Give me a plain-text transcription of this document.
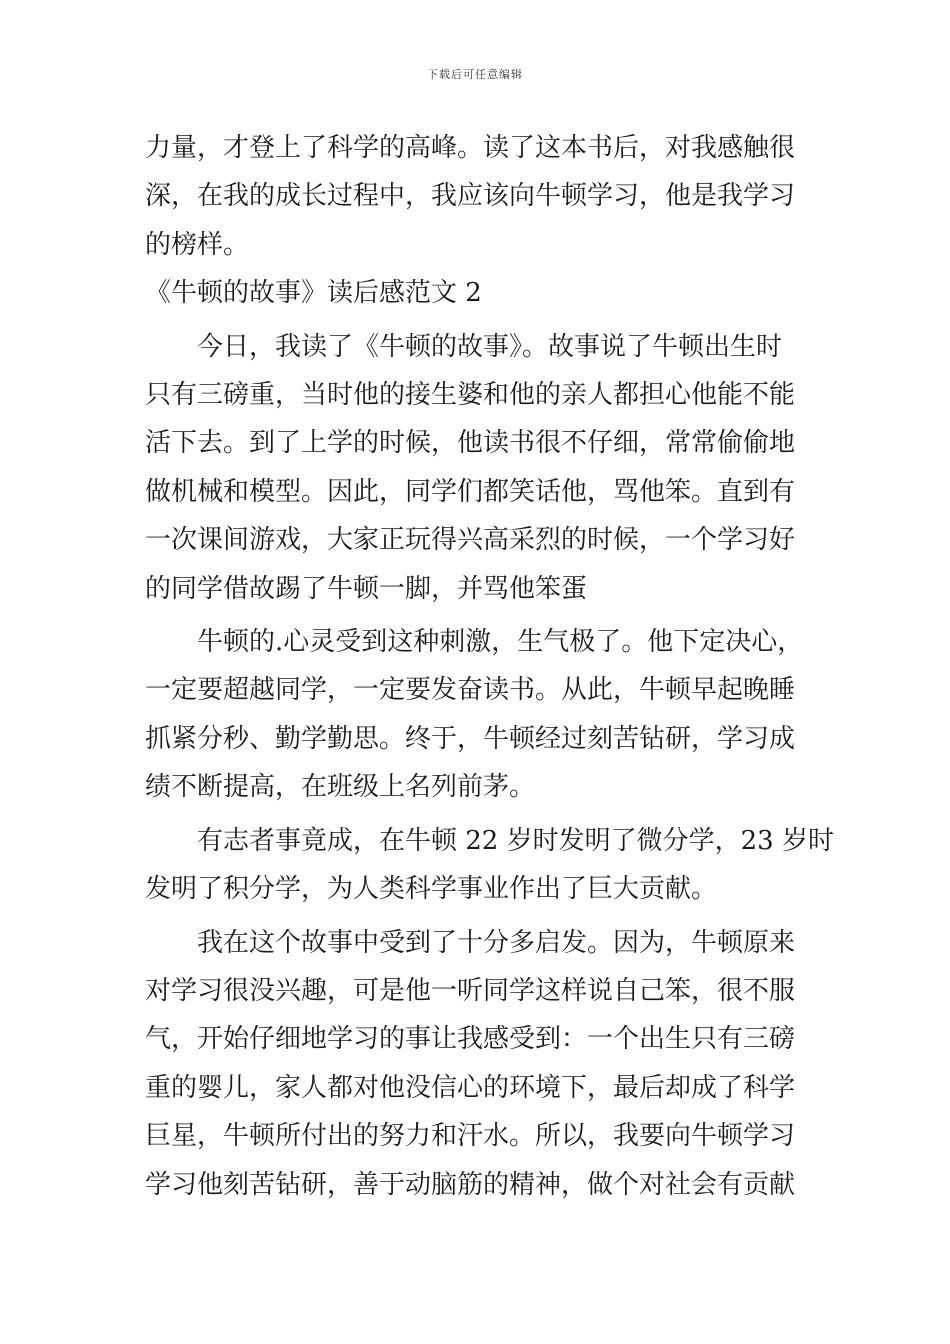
下载后可任意编辑
力量，才登上了科学的高峰。读了这本书后，对我感触很
深，在我的成长过程中，我应该向牛顿学习，他是我学习
的榜样。
《牛顿的故事》读后感范文 2
今日，我读了《牛顿的故事》。故事说了牛顿出生时
只有三磅重，当时他的接生婆和他的亲人都担心他能不能
活下去。到了上学的时候，他读书很不仔细，常常偷偷地
做机械和模型。因此，同学们都笑话他，骂他笨。直到有
一次课间游戏，大家正玩得兴高采烈的时候，一个学习好
的同学借故踢了牛顿一脚，并骂他笨蛋
牛顿的.心灵受到这种刺激，生气极了。他下定决心，
一定要超越同学，一定要发奋读书。从此，牛顿早起晚睡
抓紧分秒、勤学勤思。终于，牛顿经过刻苦钻研，学习成
绩不断提高，在班级上名列前茅。
有志者事竟成，在牛顿 22 岁时发明了微分学，23 岁时
发明了积分学，为人类科学事业作出了巨大贡献。
我在这个故事中受到了十分多启发。因为，牛顿原来
对学习很没兴趣，可是他一听同学这样说自己笨，很不服
气，开始仔细地学习的事让我感受到：一个出生只有三磅
重的婴儿，家人都对他没信心的环境下，最后却成了科学
巨星，牛顿所付出的努力和汗水。所以，我要向牛顿学习
学习他刻苦钻研，善于动脑筋的精神，做个对社会有贡献
